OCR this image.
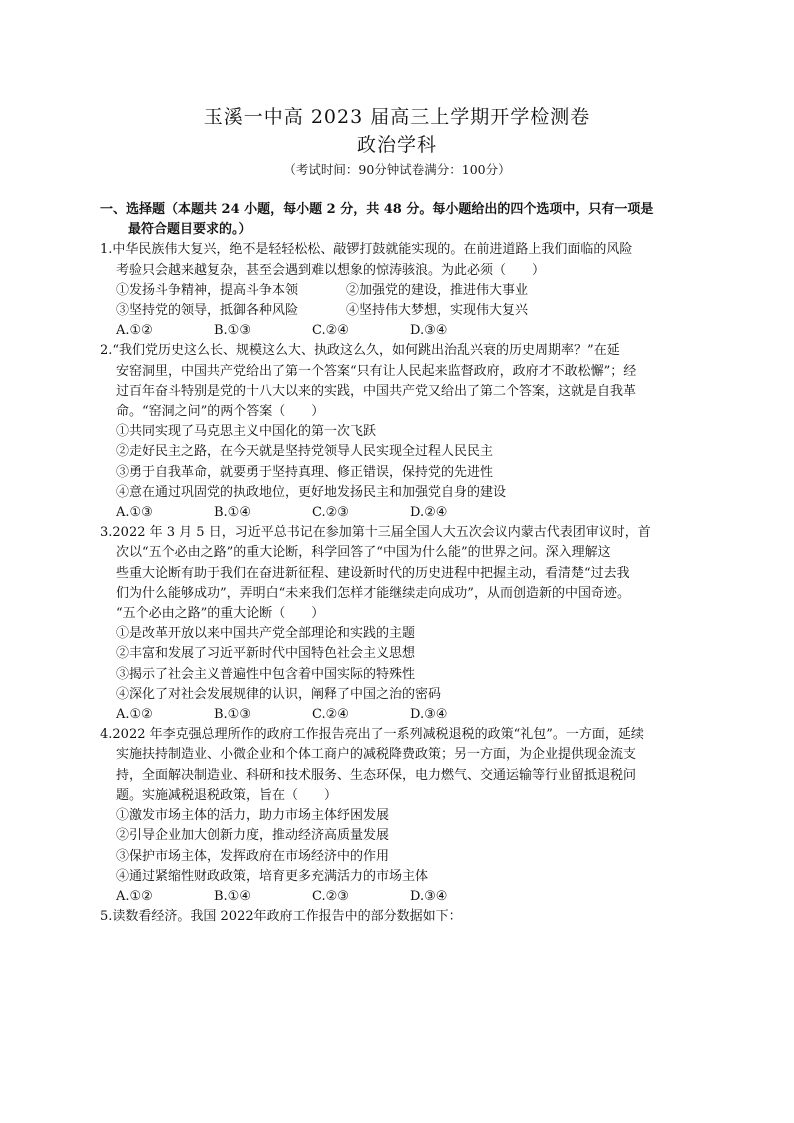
玉溪一中高 2023 届高三上学期开学检测卷
政治学科
（考试时间：90分钟试卷满分：100分）
一、选择题（本题共 24 小题，每小题 2 分，共 48 分。每小题给出的四个选项中，只有一项是
最符合题目要求的。）
1.中华民族伟大复兴，绝不是轻轻松松、敲锣打鼓就能实现的。在前进道路上我们面临的风险
考验只会越来越复杂，甚至会遇到难以想象的惊涛骇浪。为此必须（　　）
①发扬斗争精神，提高斗争本领	②加强党的建设，推进伟大事业
③坚持党的领导，抵御各种风险	④坚持伟大梦想，实现伟大复兴
A.①②	B.①③	C.②④	D.③④
2.“我们党历史这么长、规模这么大、执政这么久，如何跳出治乱兴衰的历史周期率？”在延
安窑洞里，中国共产党给出了第一个答案“只有让人民起来监督政府，政府才不敢松懈”；经
过百年奋斗特别是党的十八大以来的实践，中国共产党又给出了第二个答案，这就是自我革
命。“窑洞之问”的两个答案（　　）
①共同实现了马克思主义中国化的第一次飞跃
②走好民主之路，在今天就是坚持党领导人民实现全过程人民民主
③勇于自我革命，就要勇于坚持真理、修正错误，保持党的先进性
④意在通过巩固党的执政地位，更好地发扬民主和加强党自身的建设
A.①③	B.①④	C.②③	D.②④
3.2022 年 3 月 5 日，习近平总书记在参加第十三届全国人大五次会议内蒙古代表团审议时，首
次以“五个必由之路”的重大论断，科学回答了“中国为什么能”的世界之问。深入理解这
些重大论断有助于我们在奋进新征程、建设新时代的历史进程中把握主动，看清楚“过去我
们为什么能够成功”，弄明白“未来我们怎样才能继续走向成功”，从而创造新的中国奇迹。
“五个必由之路”的重大论断（　　）
①是改革开放以来中国共产党全部理论和实践的主题
②丰富和发展了习近平新时代中国特色社会主义思想
③揭示了社会主义普遍性中包含着中国实际的特殊性
④深化了对社会发展规律的认识，阐释了中国之治的密码
A.①②	B.①③	C.②④	D.③④
4.2022 年李克强总理所作的政府工作报告亮出了一系列减税退税的政策“礼包”。一方面，延续
实施扶持制造业、小微企业和个体工商户的减税降费政策；另一方面，为企业提供现金流支
持，全面解决制造业、科研和技术服务、生态环保，电力燃气、交通运输等行业留抵退税问
题。实施减税退税政策，旨在（　　）
①激发市场主体的活力，助力市场主体纾困发展
②引导企业加大创新力度，推动经济高质量发展
③保护市场主体，发挥政府在市场经济中的作用
④通过紧缩性财政政策，培育更多充满活力的市场主体
A.①②	B.①④	C.②③	D.③④
5.读数看经济。我国 2022年政府工作报告中的部分数据如下：
